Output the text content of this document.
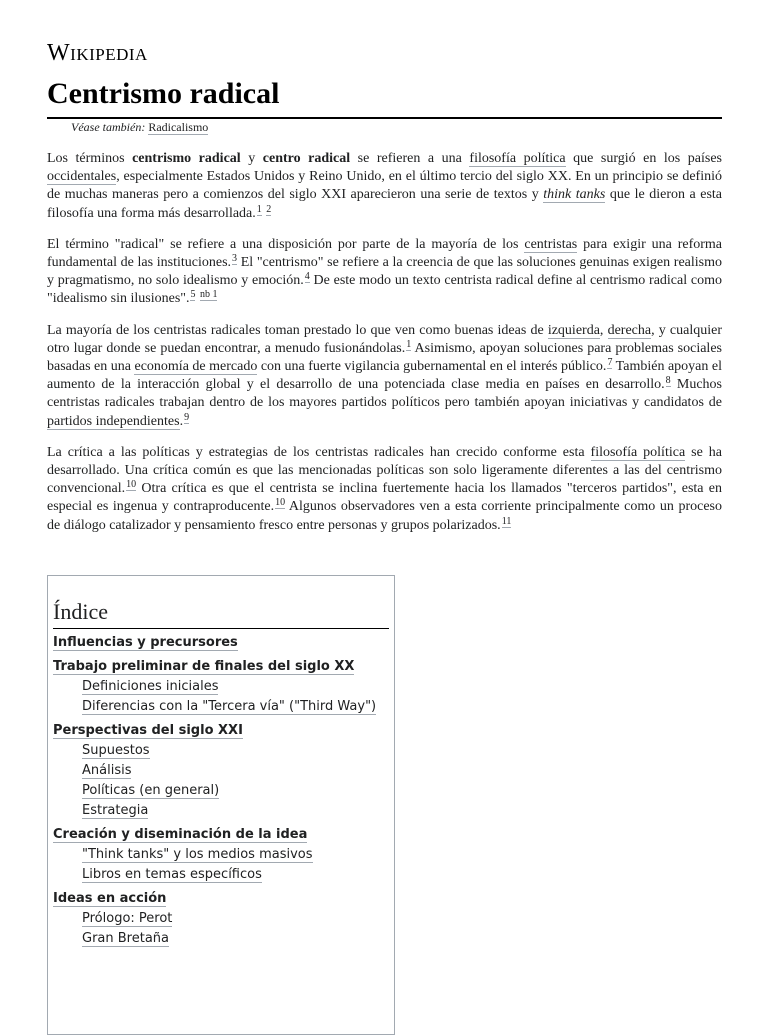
Wikipedia
Centrismo radical
Véase también: Radicalismo

Los términos centrismo radical y centro radical se refieren a una filosofía política que surgió en los países occidentales, especialmente Estados Unidos y Reino Unido, en el último tercio del siglo XX. En un principio se definió de muchas maneras pero a comienzos del siglo XXI aparecieron una serie de textos y think tanks que le dieron a esta filosofía una forma más desarrollada.$^1$ $^2$

El término "radical" se refiere a una disposición por parte de la mayoría de los centristas para exigir una reforma fundamental de las instituciones.$^3$ El "centrismo" se refiere a la creencia de que las soluciones genuinas exigen realismo y pragmatismo, no solo idealismo y emoción.$^4$ De este modo un texto centrista radical define al centrismo radical como "idealismo sin ilusiones".$^5$ $^{nb 1}$

La mayoría de los centristas radicales toman prestado lo que ven como buenas ideas de izquierda, derecha, y cualquier otro lugar donde se puedan encontrar, a menudo fusionándolas.$^1$ Asimismo, apoyan soluciones para problemas sociales basadas en una economía de mercado con una fuerte vigilancia gubernamental en el interés público.$^7$ También apoyan el aumento de la interacción global y el desarrollo de una potenciada clase media en países en desarrollo.$^8$ Muchos centristas radicales trabajan dentro de los mayores partidos políticos pero también apoyan iniciativas y candidatos de partidos independientes.$^9$

La crítica a las políticas y estrategias de los centristas radicales han crecido conforme esta filosofía política se ha desarrollado. Una crítica común es que las mencionadas políticas son solo ligeramente diferentes a las del centrismo convencional.$^{10}$ Otra crítica es que el centrista se inclina fuertemente hacia los llamados "terceros partidos", esta en especial es ingenua y contraproducente.$^{10}$ Algunos observadores ven a esta corriente principalmente como un proceso de diálogo catalizador y pensamiento fresco entre personas y grupos polarizados.$^{11}$

Índice
Influencias y precursores
Trabajo preliminar de finales del siglo XX
Definiciones iniciales
Diferencias con la "Tercera vía" ("Third Way")
Perspectivas del siglo XXI
Supuestos
Análisis
Políticas (en general)
Estrategia
Creación y diseminación de la idea
"Think tanks" y los medios masivos
Libros en temas específicos
Ideas en acción
Prólogo: Perot
Gran Bretaña
